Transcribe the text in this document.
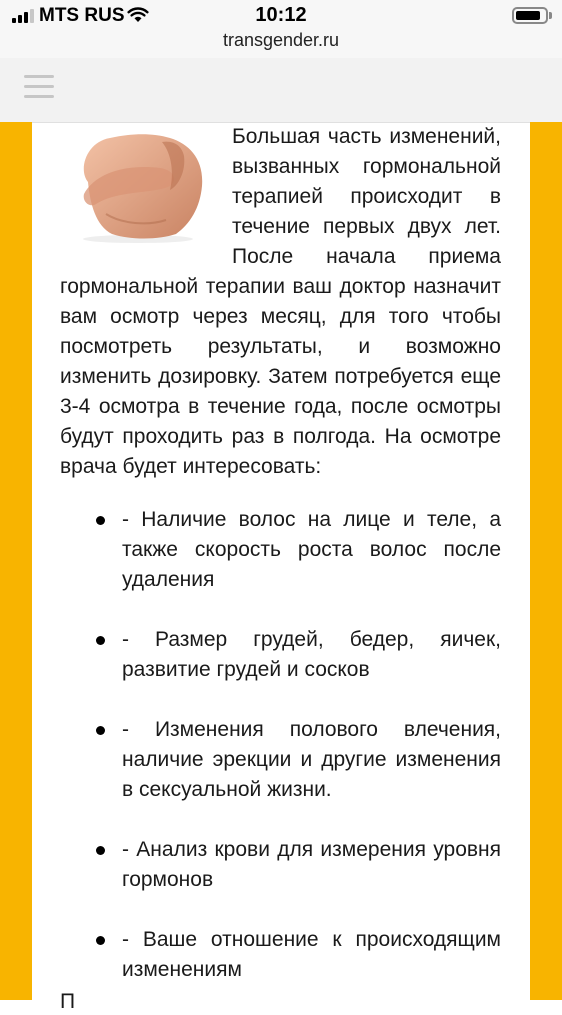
MTS RUS	10:12
transgender.ru

Большая часть изменений, вызванных гормональной терапией происходит в течение первых двух лет. После начала приема гормональной терапии ваш доктор назначит вам осмотр через месяц, для того чтобы посмотреть результаты, и возможно изменить дозировку. Затем потребуется еще 3-4 осмотра в течение года, после осмотры будут проходить раз в полгода. На осмотре врача будет интересовать:

- Наличие волос на лице и теле, а также скорость роста волос после удаления
- Размер грудей, бедер, яичек, развитие грудей и сосков
- Изменения полового влечения, наличие эрекции и другие изменения в сексуальной жизни.
- Анализ крови для измерения уровня гормонов
- Ваше отношение к происходящим изменениям
П
